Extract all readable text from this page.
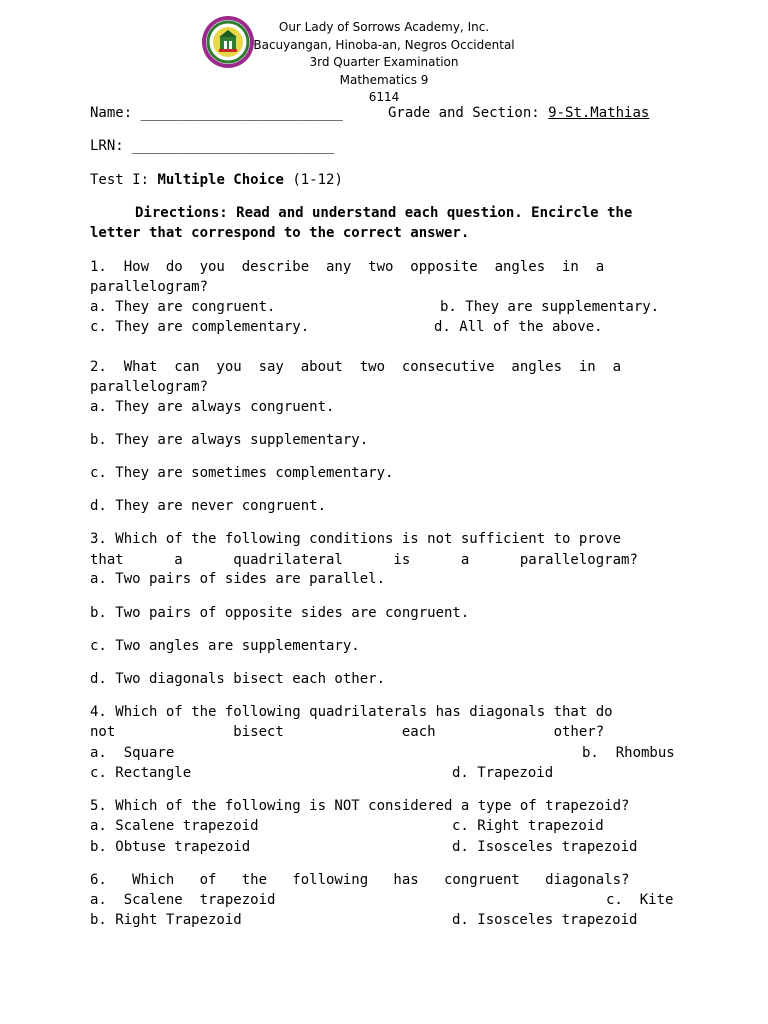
Our Lady of Sorrows Academy, Inc.
Bacuyangan, Hinoba-an, Negros Occidental
3rd Quarter Examination
Mathematics 9
6114
Name: ________________________	Grade and Section: 9-St.Mathias
LRN: ________________________
Test I: Multiple Choice (1-12)
Directions: Read and understand each question. Encircle the
letter that correspond to the correct answer.
1.  How  do  you  describe  any  two  opposite  angles  in  a
parallelogram?
a. They are congruent.	b. They are supplementary.
c. They are complementary.	d. All of the above.
2.  What  can  you  say  about  two  consecutive  angles  in  a
parallelogram?
a. They are always congruent.
b. They are always supplementary.
c. They are sometimes complementary.
d. They are never congruent.
3. Which of the following conditions is not sufficient to prove
that      a      quadrilateral      is      a      parallelogram?
a. Two pairs of sides are parallel.
b. Two pairs of opposite sides are congruent.
c. Two angles are supplementary.
d. Two diagonals bisect each other.
4. Which of the following quadrilaterals has diagonals that do
not              bisect              each              other?
a.  Square	b.  Rhombus
c. Rectangle	d. Trapezoid
5. Which of the following is NOT considered a type of trapezoid?
a. Scalene trapezoid	c. Right trapezoid
b. Obtuse trapezoid	d. Isosceles trapezoid
6.   Which   of   the   following   has   congruent   diagonals?
a.  Scalene  trapezoid	c.  Kite
b. Right Trapezoid	d. Isosceles trapezoid
